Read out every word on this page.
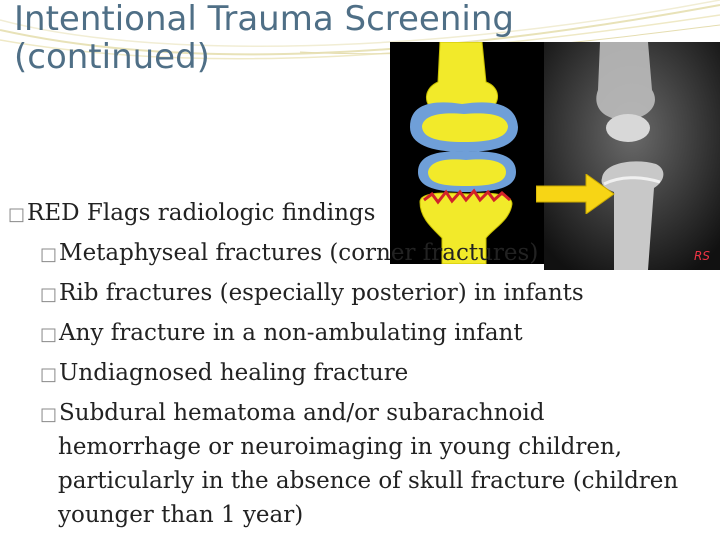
Intentional Trauma Screening
(continued)
RS
□RED Flags radiologic findings
□Metaphyseal fractures (corner fractures)
□Rib fractures (especially posterior) in infants
□Any fracture in a non-ambulating infant
□Undiagnosed healing fracture
□Subdural hematoma and/or subarachnoid
hemorrhage or neuroimaging in young children,
particularly in the absence of skull fracture (children
younger than 1 year)
